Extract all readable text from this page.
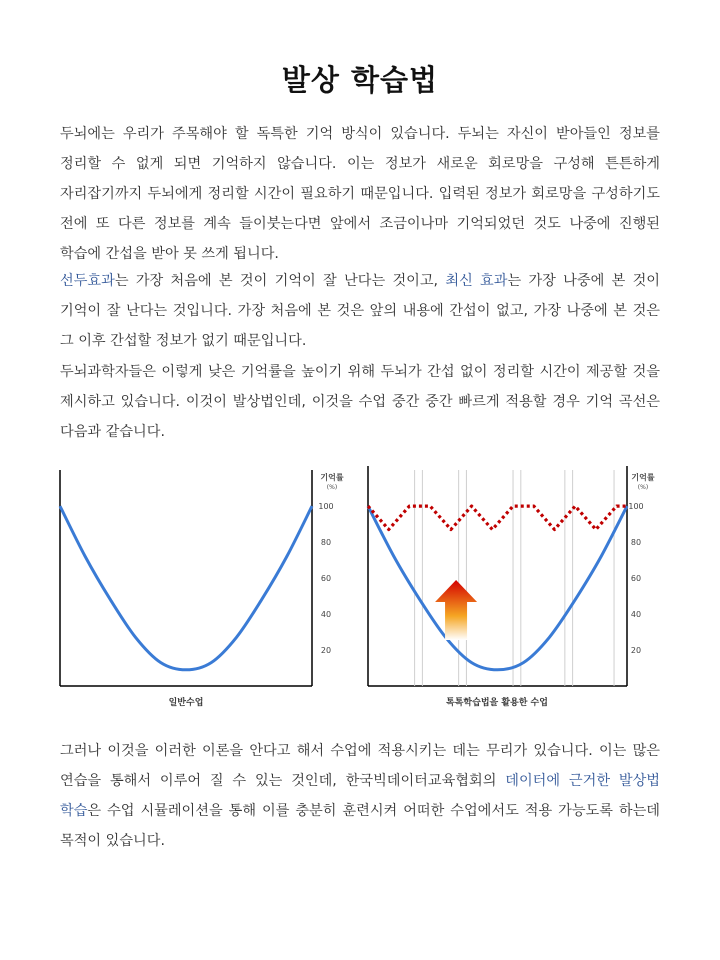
발상 학습법

두뇌에는 우리가 주목해야 할 독특한 기억 방식이 있습니다. 두뇌는 자신이 받아들인 정보를 정리할 수 없게 되면 기억하지 않습니다. 이는 정보가 새로운 회로망을 구성해 튼튼하게 자리잡기까지 두뇌에게 정리할 시간이 필요하기 때문입니다. 입력된 정보가 회로망을 구성하기도 전에 또 다른 정보를 계속 들이붓는다면 앞에서 조금이나마 기억되었던 것도 나중에 진행된 학습에 간섭을 받아 못 쓰게 됩니다.

선두효과는 가장 처음에 본 것이 기억이 잘 난다는 것이고, 최신 효과는 가장 나중에 본 것이 기억이 잘 난다는 것입니다. 가장 처음에 본 것은 앞의 내용에 간섭이 없고, 가장 나중에 본 것은 그 이후 간섭할 정보가 없기 때문입니다.

두뇌과학자들은 이렇게 낮은 기억률을 높이기 위해 두뇌가 간섭 없이 정리할 시간이 제공할 것을 제시하고 있습니다. 이것이 발상법인데, 이것을 수업 중간 중간 빠르게 적용할 경우 기억 곡선은 다음과 같습니다.

기억률
(%)
100
80
60
40
20
일반수업
기억률
(%)
100
80
60
40
20
톡톡학습법을 활용한 수업

그러나 이것을 이러한 이론을 안다고 해서 수업에 적용시키는 데는 무리가 있습니다. 이는 많은 연습을 통해서 이루어 질 수 있는 것인데, 한국빅데이터교육협회의 데이터에 근거한 발상법 학습은 수업 시뮬레이션을 통해 이를 충분히 훈련시켜 어떠한 수업에서도 적용 가능도록 하는데 목적이 있습니다.
